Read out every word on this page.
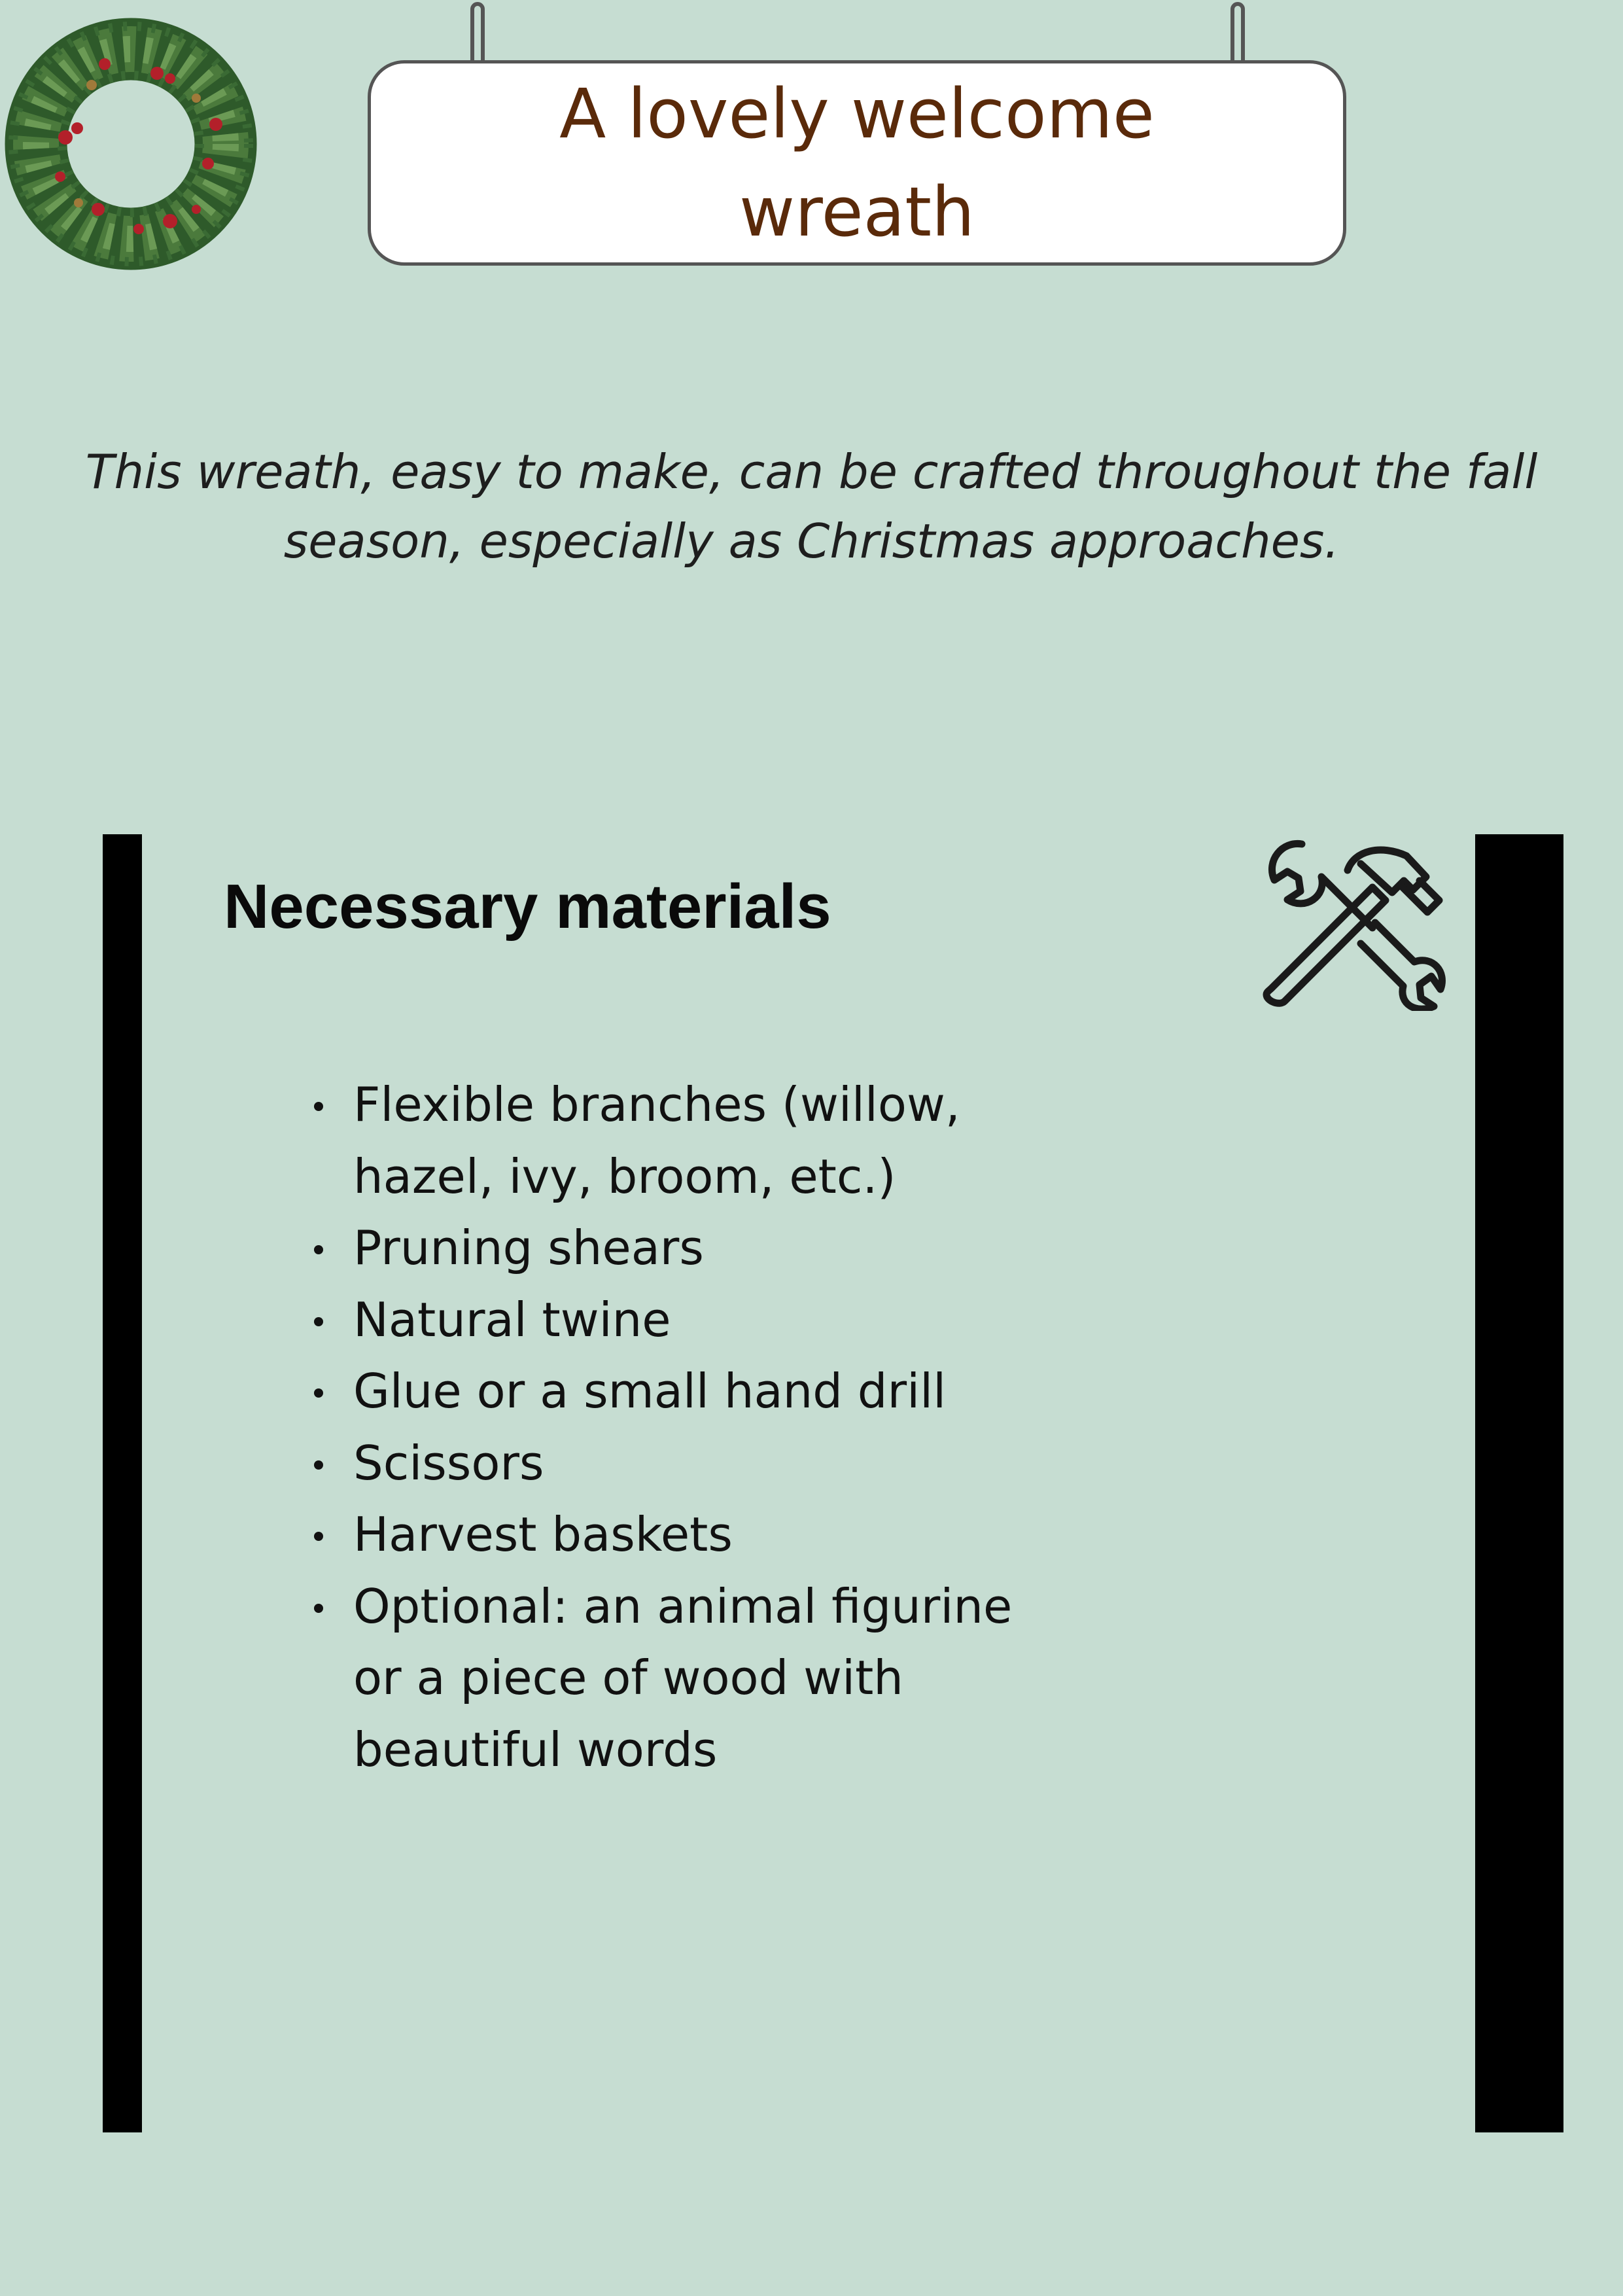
A lovely welcome wreath
This wreath, easy to make, can be crafted throughout the fall season, especially as Christmas approaches.
Necessary materials
Flexible branches (willow, hazel, ivy, broom, etc.)
Pruning shears
Natural twine
Glue or a small hand drill
Scissors
Harvest baskets
Optional: an animal figurine or a piece of wood with beautiful words
